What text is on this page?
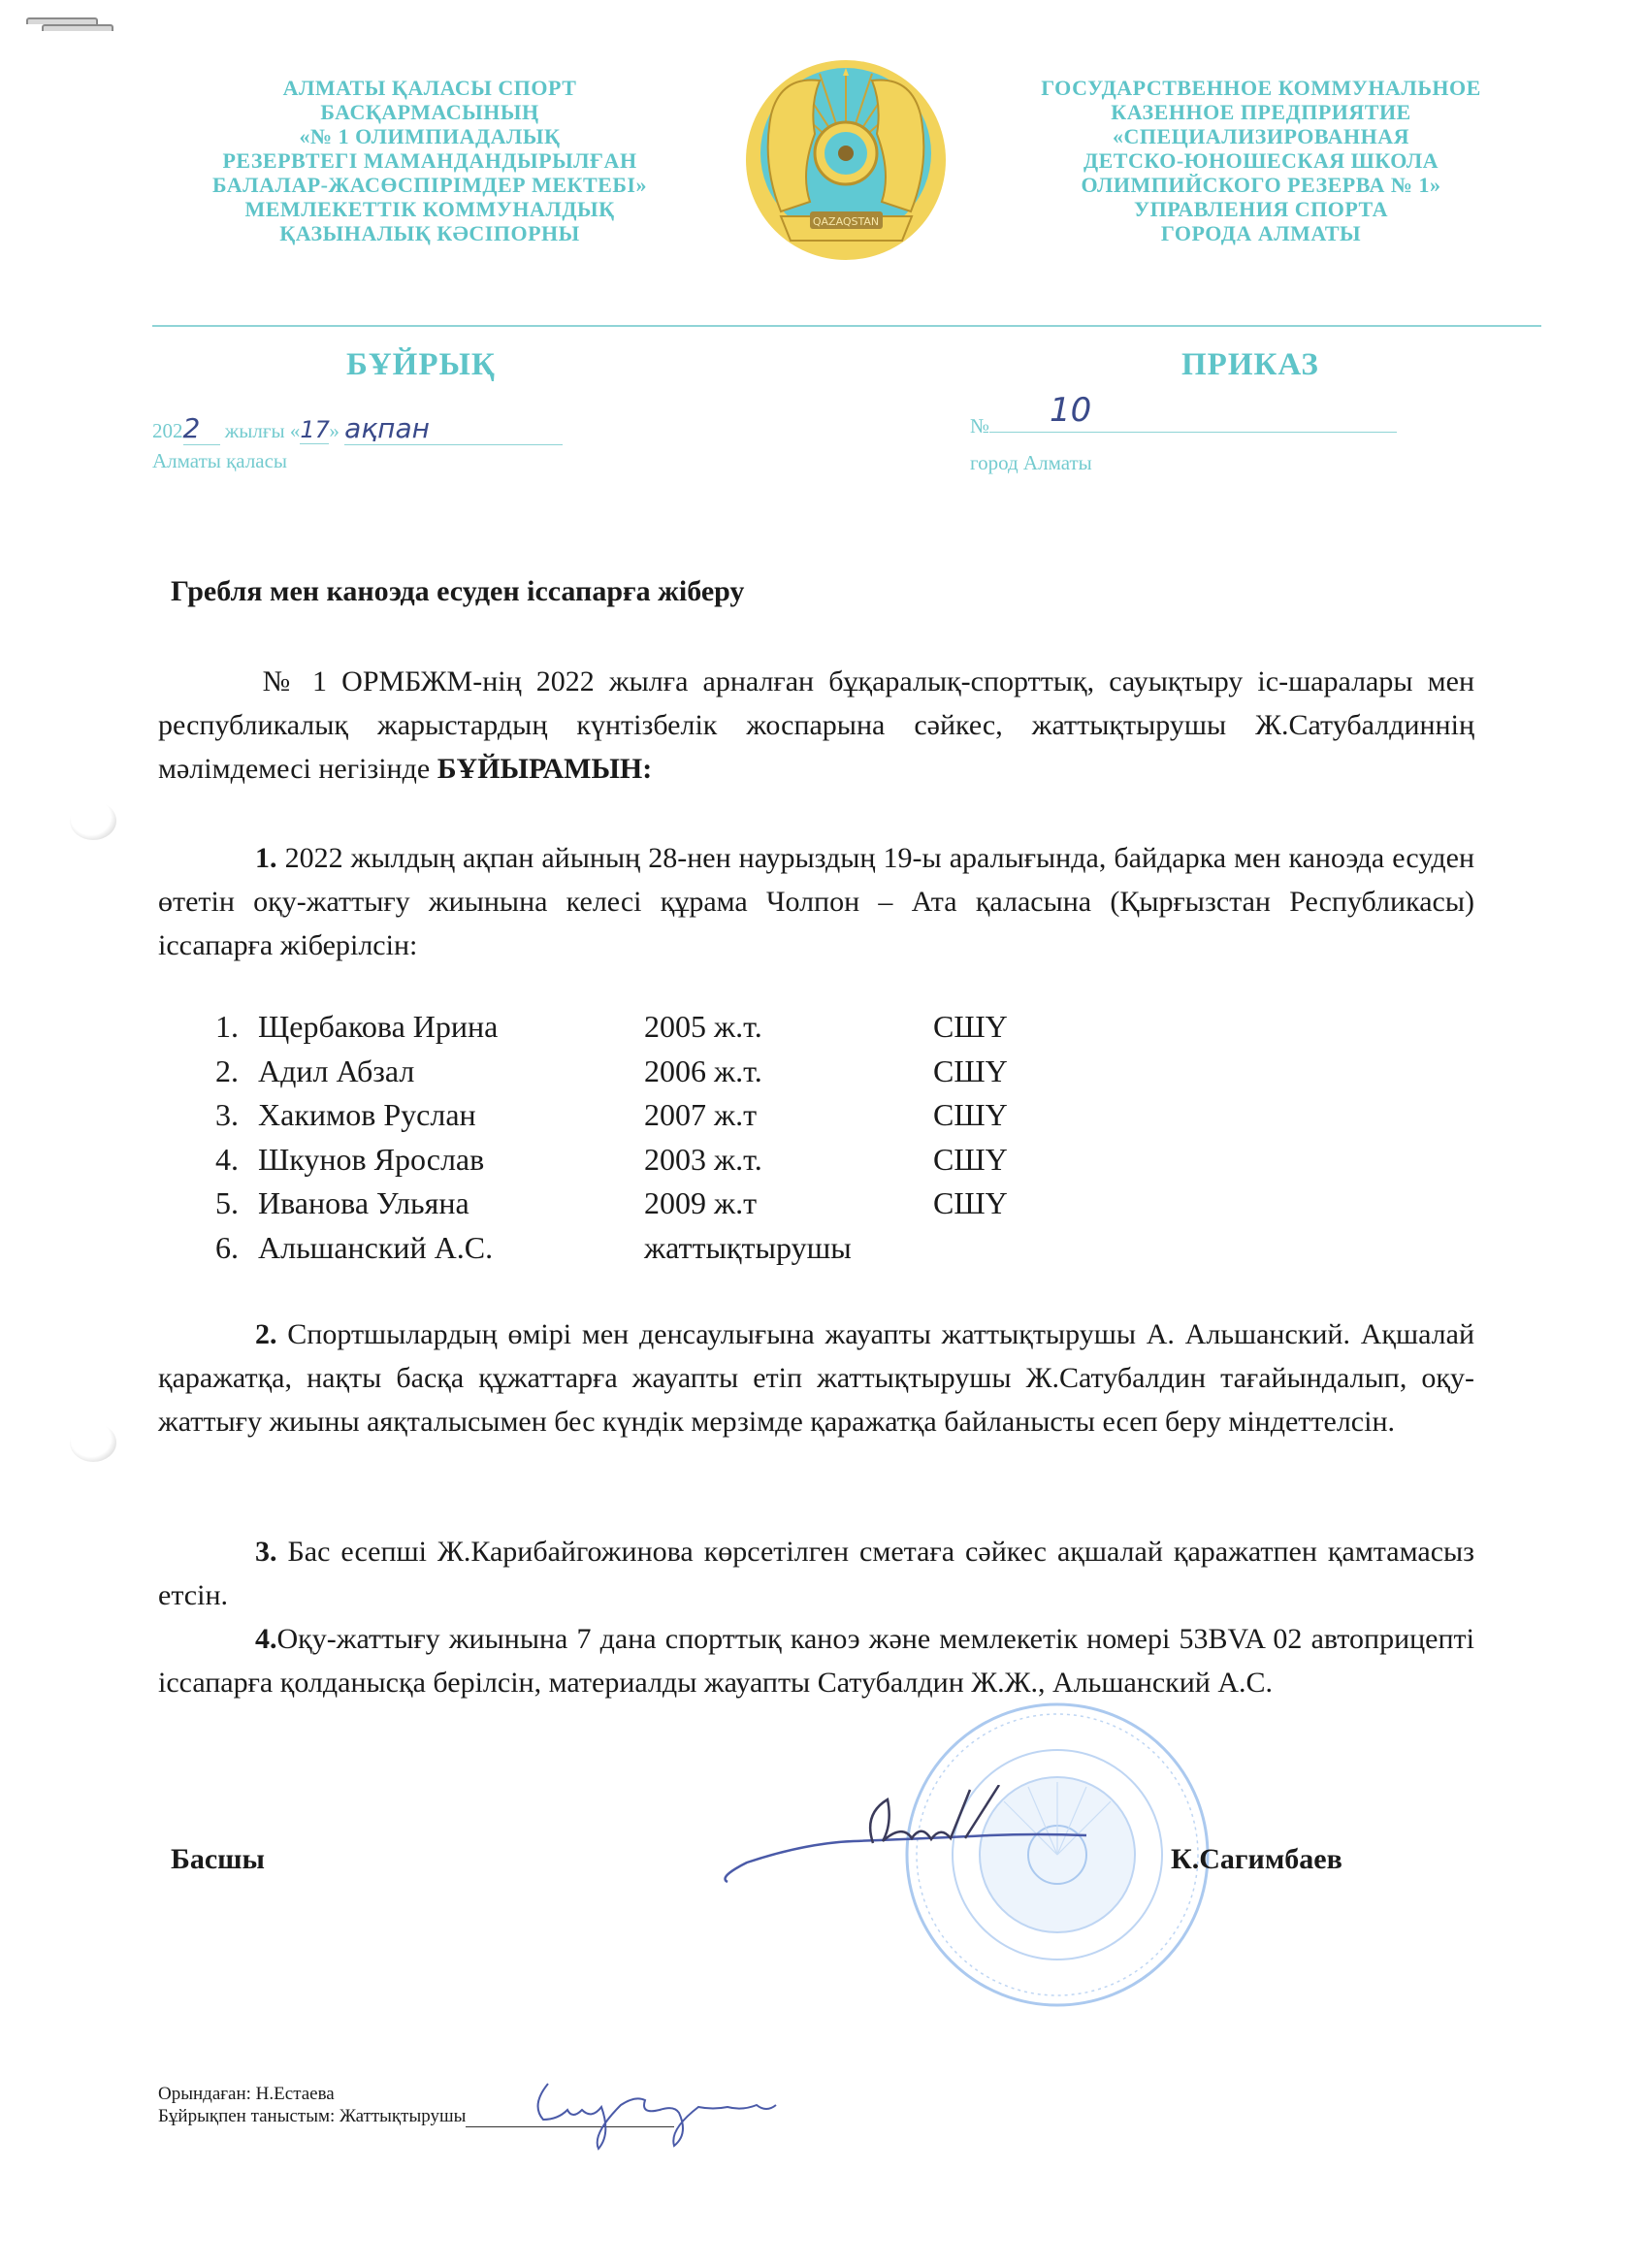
АЛМАТЫ ҚАЛАСЫ СПОРТ
БАСҚАРМАСЫНЫҢ
«№ 1 ОЛИМПИАДАЛЫҚ
РЕЗЕРВТЕГІ МАМАНДАНДЫРЫЛҒАН
БАЛАЛАР-ЖАСӨСПІРІМДЕР МЕКТЕБІ»
МЕМЛЕКЕТТІК КОММУНАЛДЫҚ
ҚАЗЫНАЛЫҚ КӘСІПОРНЫ	QAZAQSTAN
ГОСУДАРСТВЕННОЕ КОММУНАЛЬНОЕ
КАЗЕННОЕ ПРЕДПРИЯТИЕ
«СПЕЦИАЛИЗИРОВАННАЯ
ДЕТСКО-ЮНОШЕСКАЯ ШКОЛА
ОЛИМПИЙСКОГО РЕЗЕРВА № 1»
УПРАВЛЕНИЯ СПОРТА
ГОРОДА АЛМАТЫ
БҰЙРЫҚ	ПРИКАЗ
2022 жылғы «17» ақпан
Алматы қаласы
№ 10
город Алматы
Гребля мен каноэда есуден іссапарға жіберу
№ 1 ОРМБЖМ-нің 2022 жылға арналған бұқаралық-спорттық, сауықтыру іс-шаралары мен республикалық жарыстардың күнтізбелік жоспарына сәйкес, жаттықтырушы Ж.Сатубалдиннің мәлімдемесі негізінде БҰЙЫРАМЫН:
1. 2022 жылдың ақпан айының 28-нен наурыздың 19-ы аралығында, байдарка мен каноэда есуден өтетін оқу-жаттығу жиынына келесі құрама Чолпон – Ата қаласына (Қырғызстан Республикасы) іссапарға жіберілсін:
1. Щербакова Ирина	2005 ж.т.	СШҮ
2. Адил Абзал	2006 ж.т.	СШҮ
3. Хакимов Руслан	2007 ж.т	СШҮ
4. Шкунов Ярослав	2003 ж.т.	СШҮ
5. Иванова Ульяна	2009 ж.т	СШҮ
6. Альшанский А.С.	жаттықтырушы
2. Спортшылардың өмірі мен денсаулығына жауапты жаттықтырушы А. Альшанский. Ақшалай қаражатқа, нақты басқа құжаттарға жауапты етіп жаттықтырушы Ж.Сатубалдин тағайындалып, оқу-жаттығу жиыны аяқталысымен бес күндік мерзімде қаражатқа байланысты есеп беру міндеттелсін.
3. Бас есепші Ж.Карибайгожинова көрсетілген сметаға сәйкес ақшалай қаражатпен қамтамасыз етсін.
4.Оқу-жаттығу жиынына 7 дана спорттық каноэ және мемлекетік номері 53BVA 02 автоприцепті іссапарға қолданысқа берілсін, материалды жауапты Сатубалдин Ж.Ж., Альшанский А.С.
Басшы	К.Сагимбаев
Орындаған: Н.Естаева
Бұйрықпен таныстым: Жаттықтырушы
